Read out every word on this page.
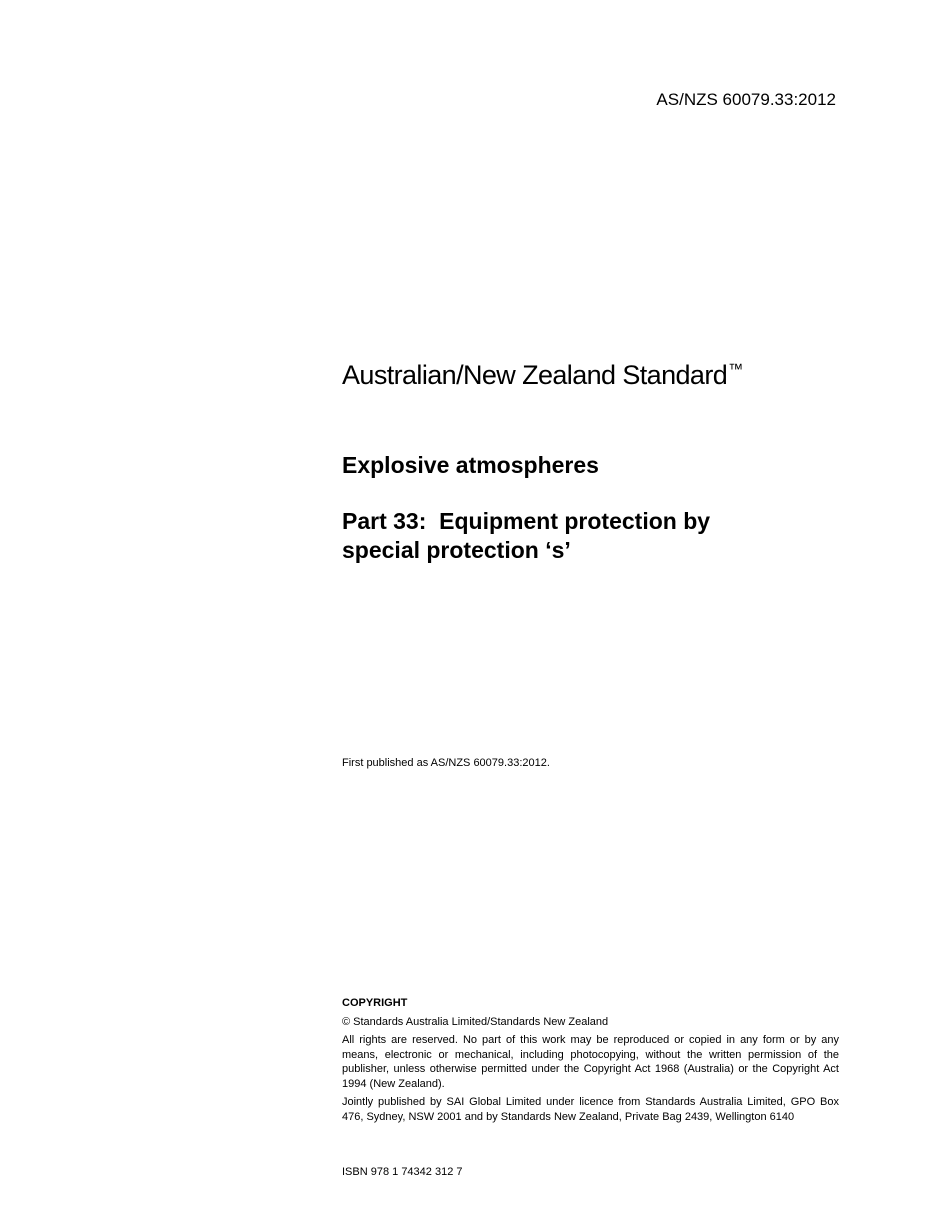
AS/NZS 60079.33:2012
Australian/New Zealand Standard™
Explosive atmospheres
Part 33:  Equipment protection by
special protection ‘s’
First published as AS/NZS 60079.33:2012.
COPYRIGHT

© Standards Australia Limited/Standards New Zealand

All rights are reserved. No part of this work may be reproduced or copied in any form or by any means, electronic or mechanical, including photocopying, without the written permission of the publisher, unless otherwise permitted under the Copyright Act 1968 (Australia) or the Copyright Act 1994 (New Zealand).

Jointly published by SAI Global Limited under licence from Standards Australia Limited, GPO Box 476, Sydney, NSW 2001 and by Standards New Zealand, Private Bag 2439, Wellington 6140

ISBN 978 1 74342 312 7
